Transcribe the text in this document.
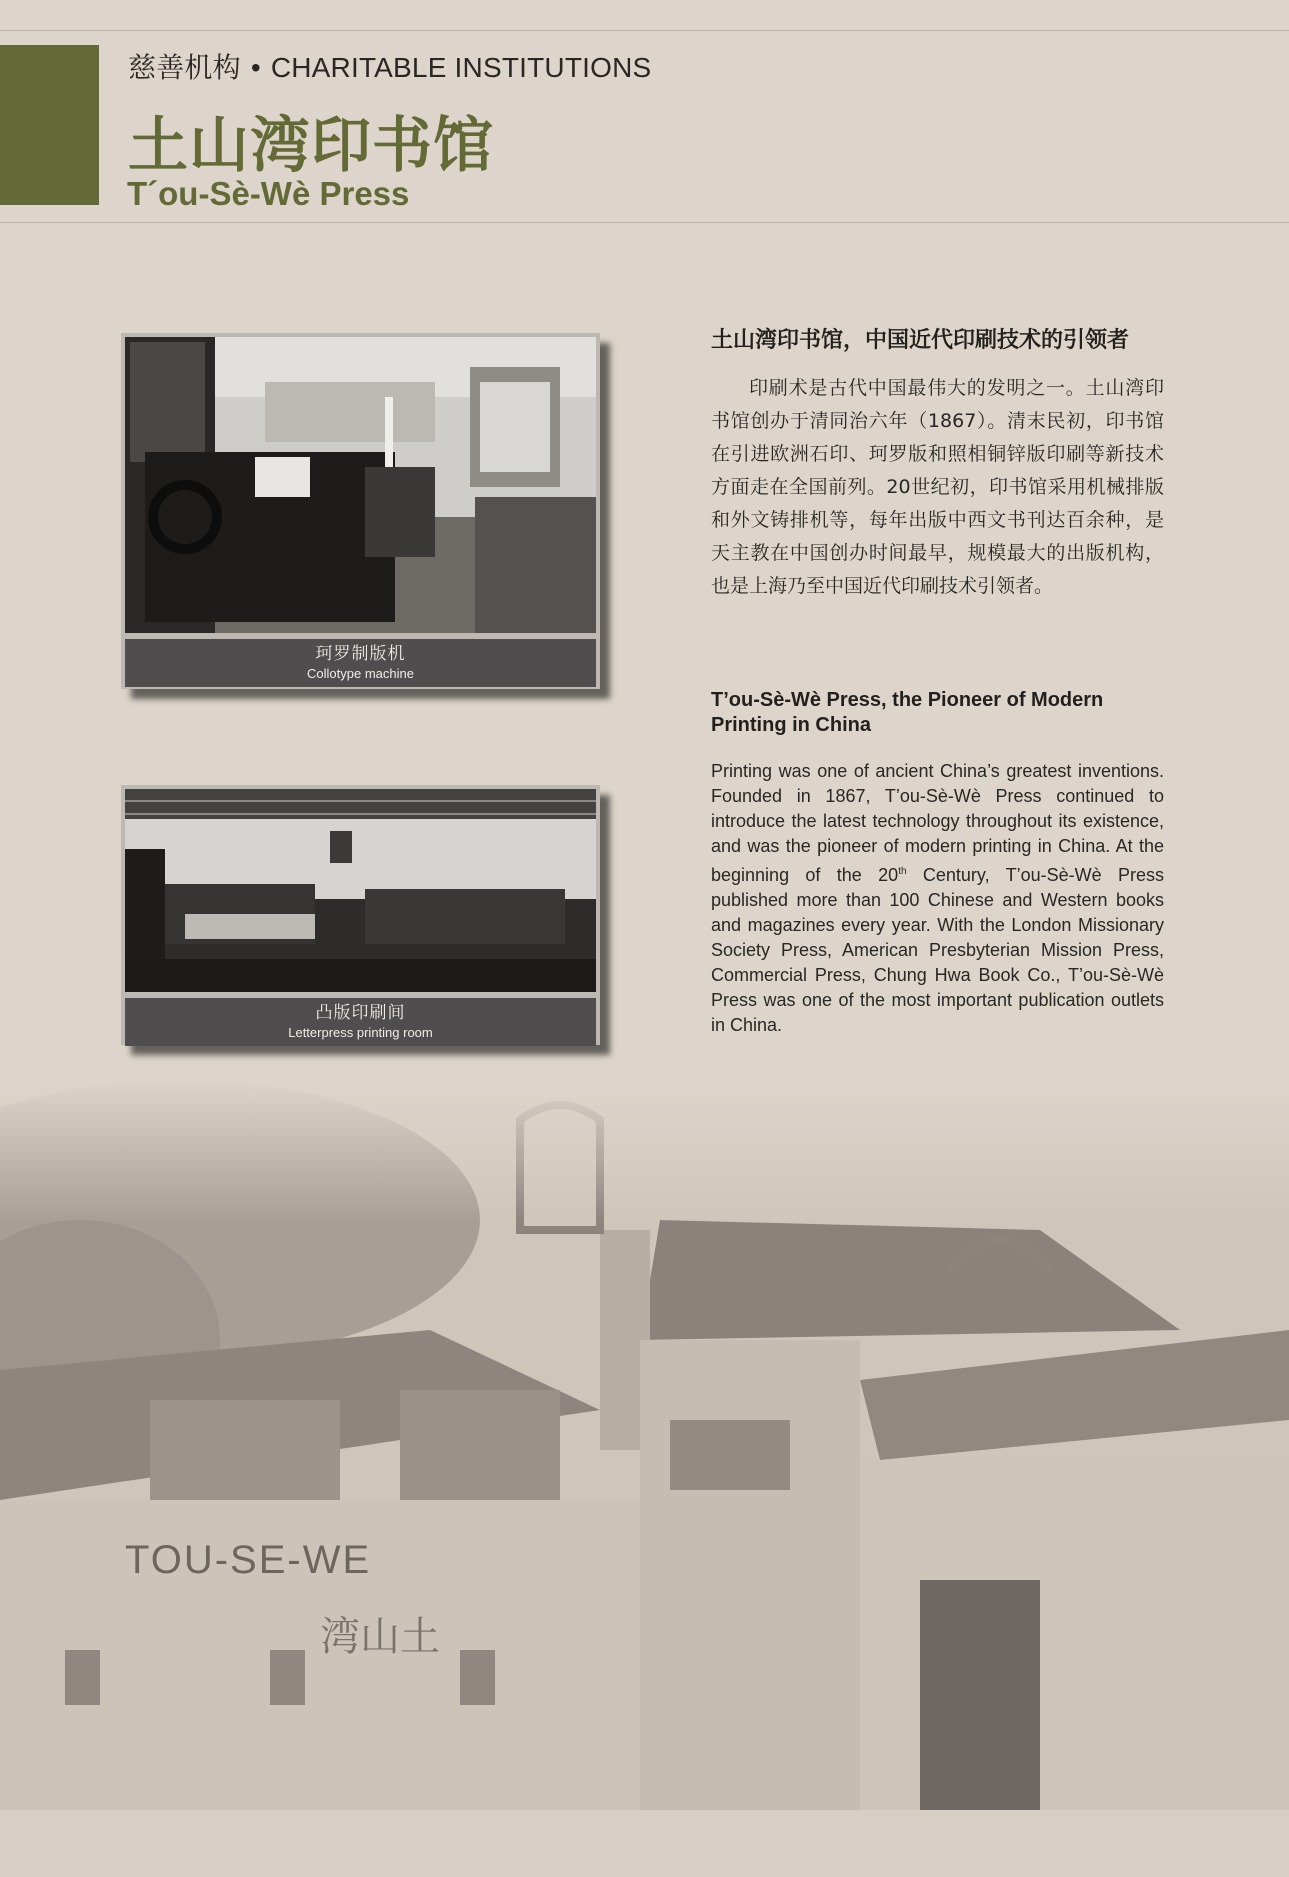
慈善机构 • CHARITABLE INSTITUTIONS
土山湾印书馆
T´ou-Sè-Wè Press
珂罗制版机
Collotype machine
凸版印刷间
Letterpress printing room
土山湾印书馆，中国近代印刷技术的引领者
印刷术是古代中国最伟大的发明之一。土山湾印书馆创办于清同治六年（1867）。清末民初，印书馆在引进欧洲石印、珂罗版和照相铜锌版印刷等新技术方面走在全国前列。20世纪初，印书馆采用机械排版和外文铸排机等，每年出版中西文书刊达百余种，是天主教在中国创办时间最早，规模最大的出版机构，也是上海乃至中国近代印刷技术引领者。
T’ou-Sè-Wè Press, the Pioneer of Modern Printing in China
Printing was one of ancient China’s greatest inventions. Founded in 1867, T’ou-Sè-Wè Press continued to introduce the latest technology throughout its existence, and was the pioneer of modern printing in China. At the beginning of the 20th Century, T’ou-Sè-Wè Press published more than 100 Chinese and Western books and magazines every year. With the London Missionary Society Press, American Presbyterian Mission Press, Commercial Press, Chung Hwa Book Co., T’ou-Sè-Wè Press was one of the most important publication outlets in China.
